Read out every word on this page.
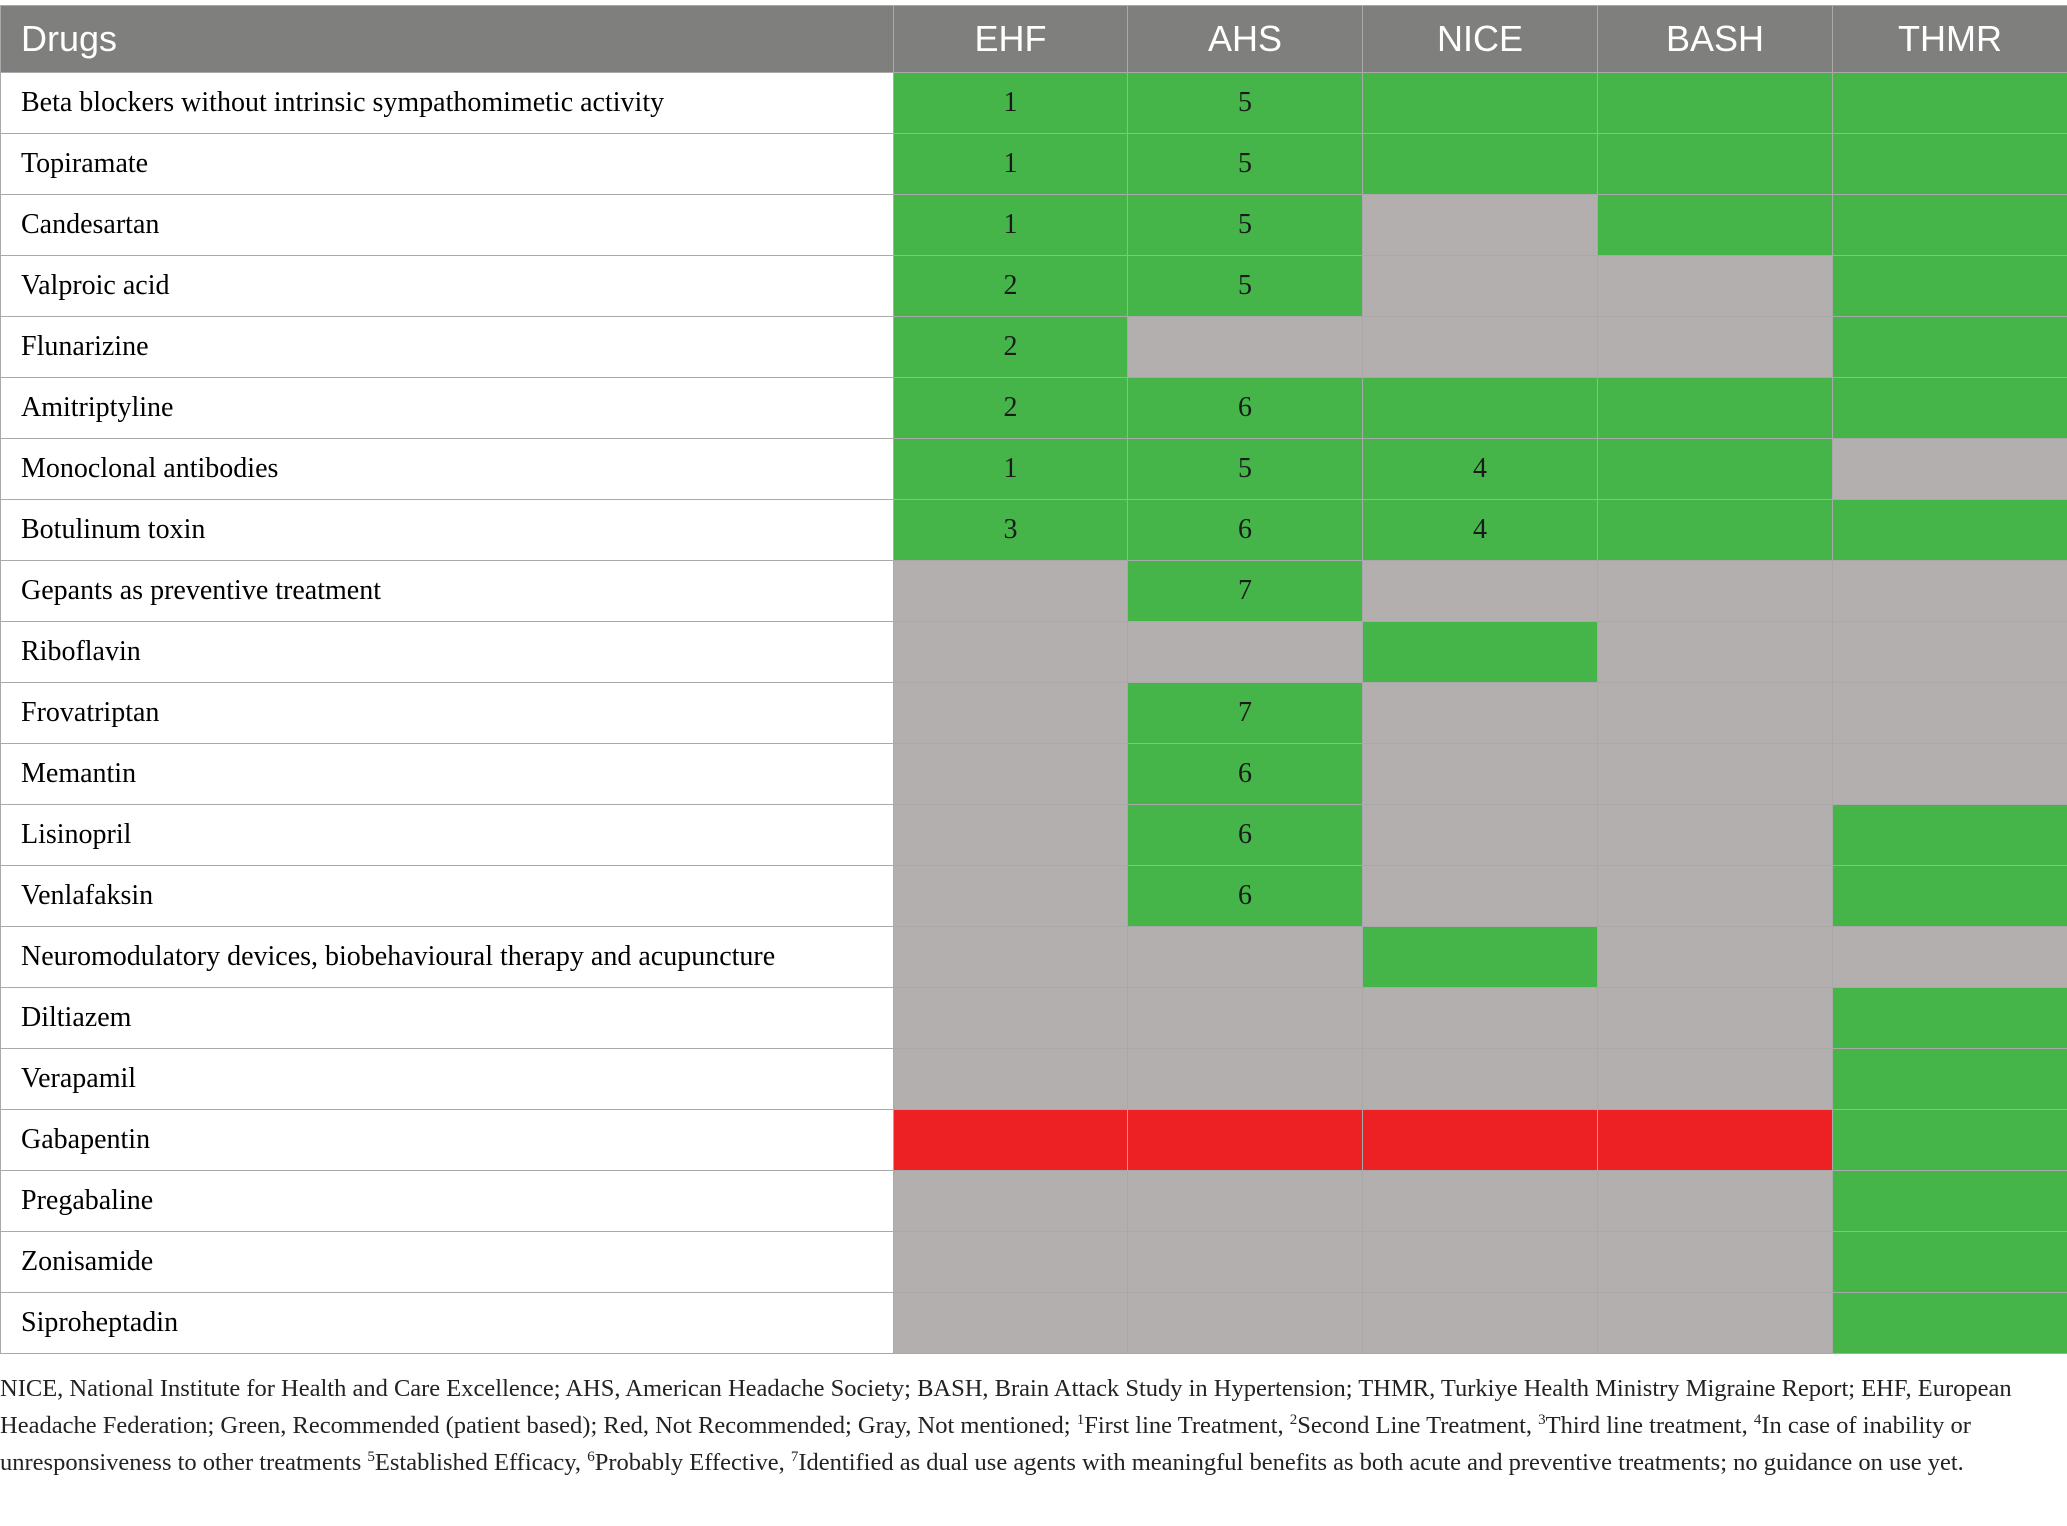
Drugs	EHF	AHS	NICE	BASH	THMR
Beta blockers without intrinsic sympathomimetic activity	1	5			
Topiramate	1	5			
Candesartan	1	5			
Valproic acid	2	5			
Flunarizine	2				
Amitriptyline	2	6			
Monoclonal antibodies	1	5	4		
Botulinum toxin	3	6	4		
Gepants as preventive treatment		7			
Riboflavin					
Frovatriptan		7			
Memantin		6			
Lisinopril		6			
Venlafaksin		6			
Neuromodulatory devices, biobehavioural therapy and acupuncture					
Diltiazem					
Verapamil					
Gabapentin					
Pregabaline					
Zonisamide					
Siproheptadin					
NICE, National Institute for Health and Care Excellence; AHS, American Headache Society; BASH, Brain Attack Study in Hypertension; THMR, Turkiye Health Ministry Migraine Report; EHF, European Headache Federation; Green, Recommended (patient based); Red, Not Recommended; Gray, Not mentioned; $^1$First line Treatment, $^2$Second Line Treatment, $^3$Third line treatment, $^4$In case of inability or unresponsiveness to other treatments $^5$Established Efficacy, $^6$Probably Effective, $^7$Identified as dual use agents with meaningful benefits as both acute and preventive treatments; no guidance on use yet.
